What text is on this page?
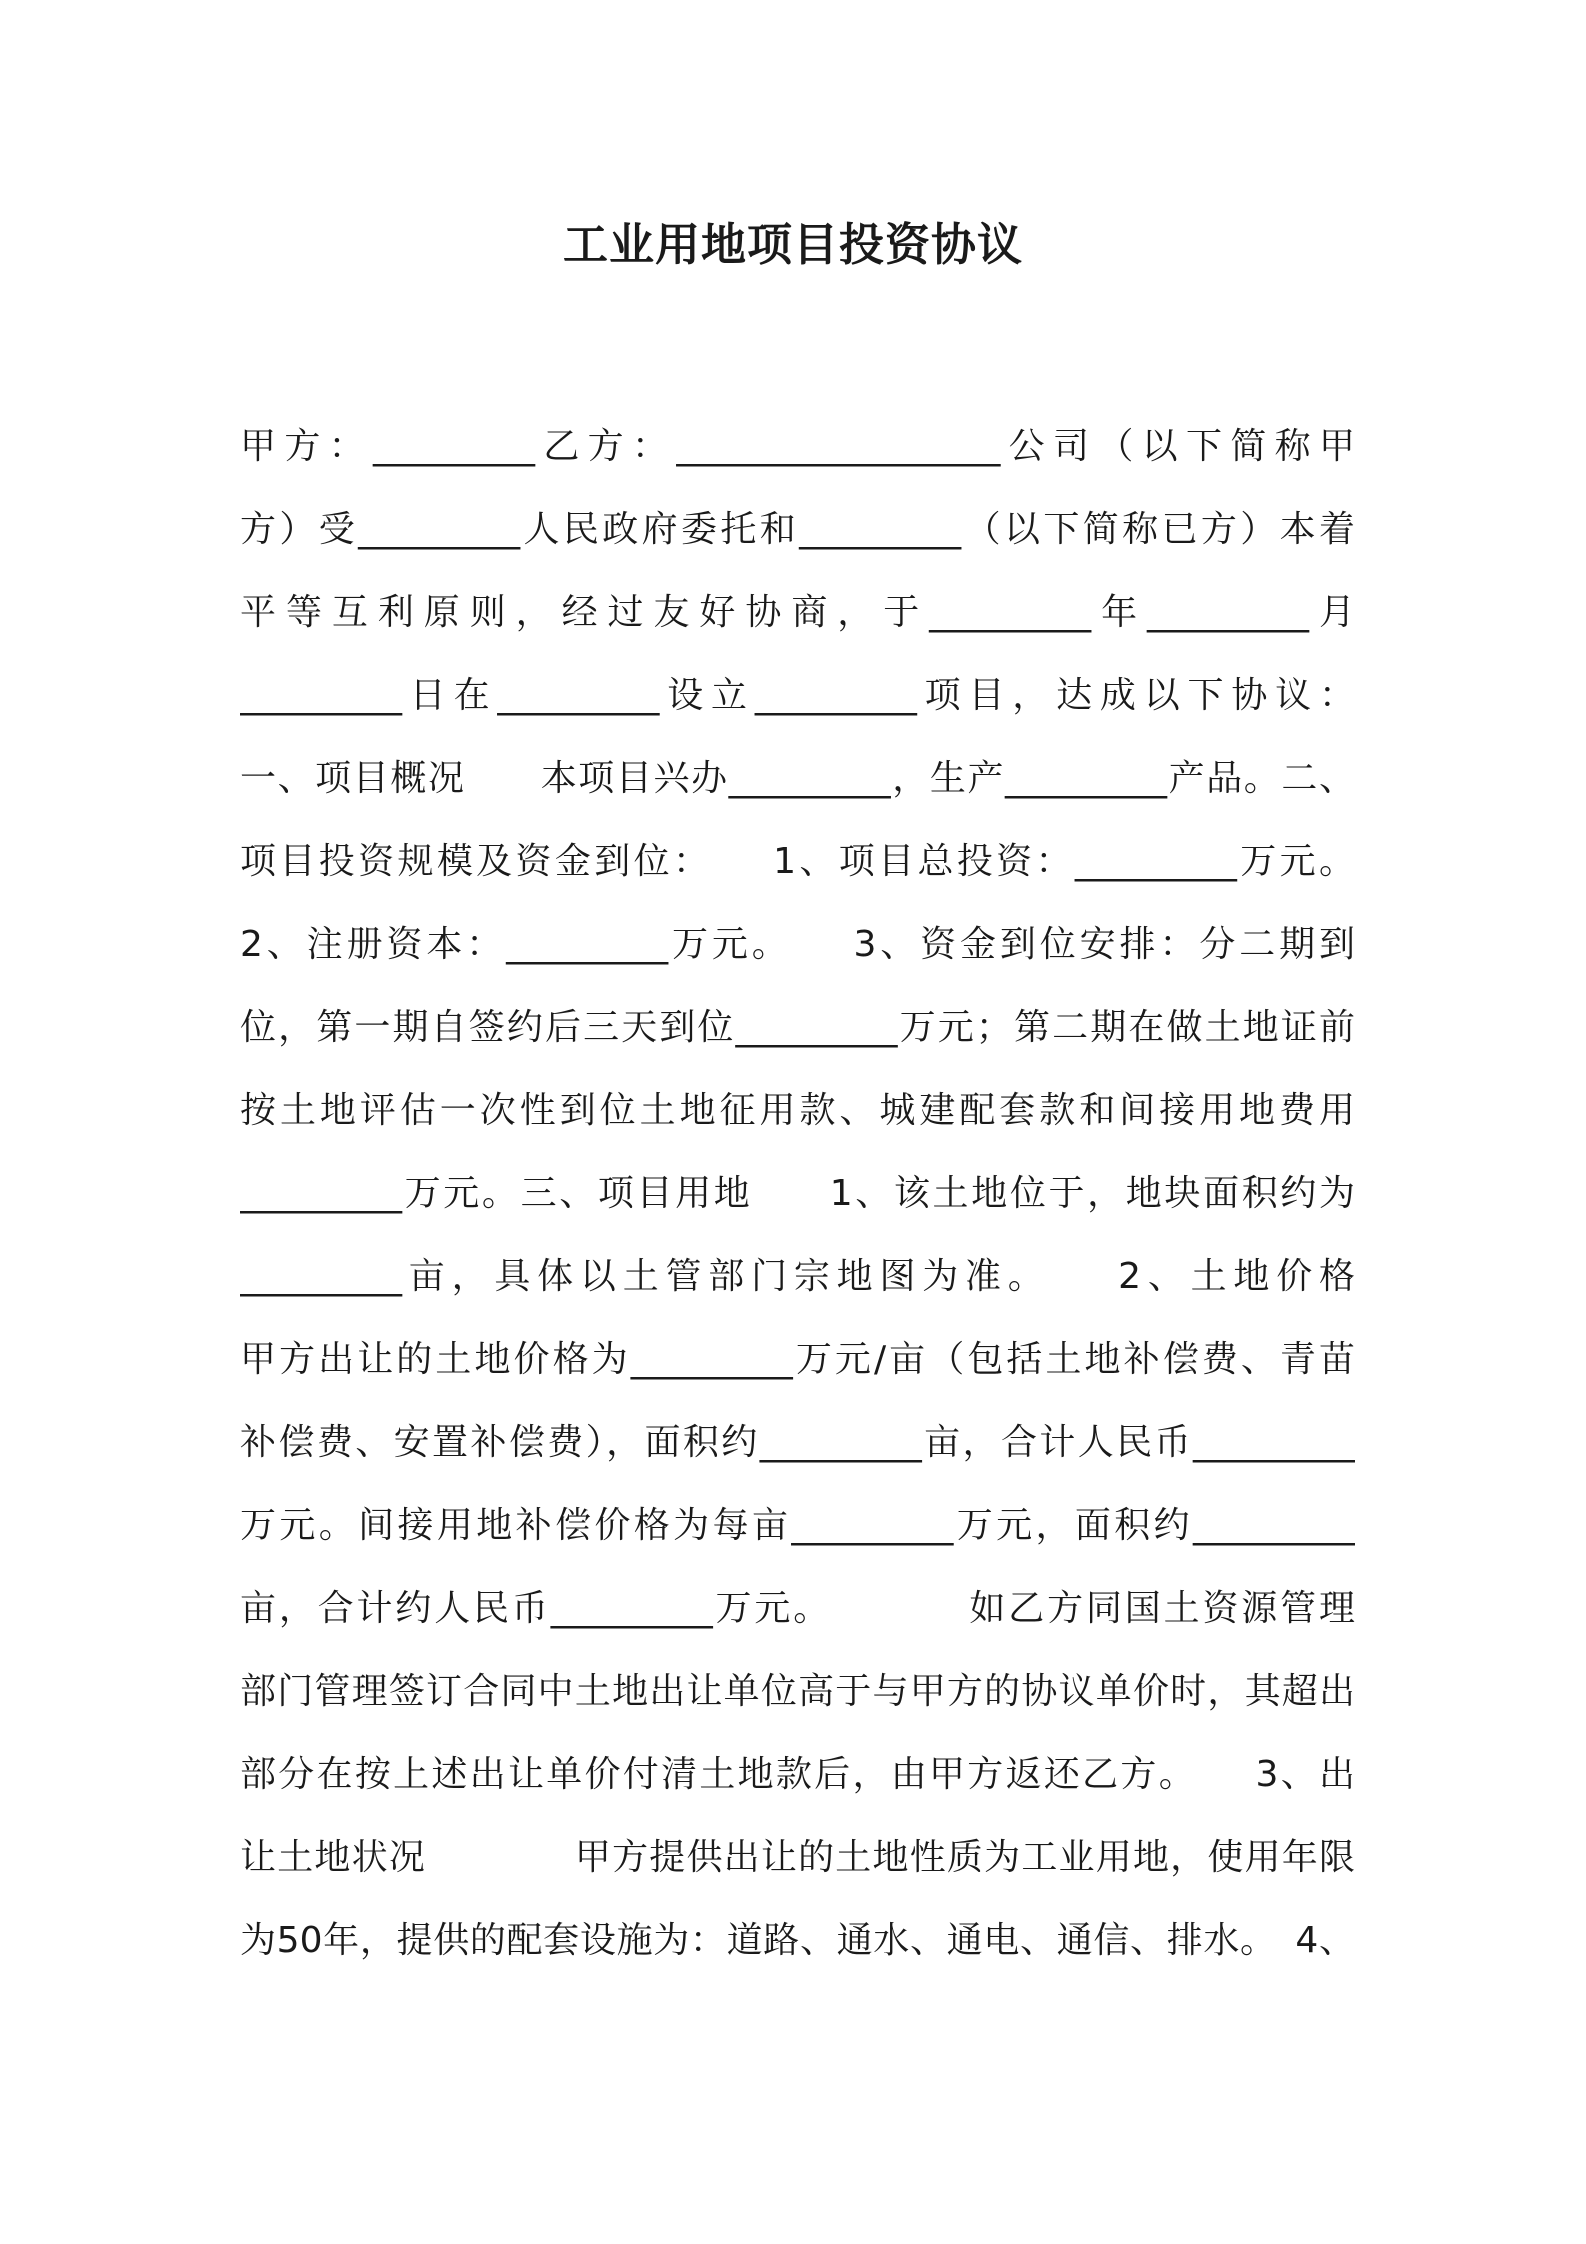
工业用地项目投资协议
甲方：_________乙方：__________________公司（以下简称甲
方）受_________人民政府委托和_________（以下简称已方）本着
平等互利原则，经过友好协商，于_________年_________月
_________日在_________设立_________项目，达成以下协议：
一、项目概况　　本项目兴办_________，生产_________产品。二、
项目投资规模及资金到位：　　1、项目总投资：_________万元。
2、注册资本：_________万元。　　3、资金到位安排：分二期到
位，第一期自签约后三天到位_________万元；第二期在做土地证前
按土地评估一次性到位土地征用款、城建配套款和间接用地费用
_________万元。三、项目用地　　1、该土地位于，地块面积约为
_________亩，具体以土管部门宗地图为准。　　2、土地价格
甲方出让的土地价格为_________万元/亩（包括土地补偿费、青苗
补偿费、安置补偿费），面积约_________亩，合计人民币_________
万元。间接用地补偿价格为每亩_________万元，面积约_________
亩，合计约人民币_________万元。　　　　如乙方同国土资源管理
部门管理签订合同中土地出让单位高于与甲方的协议单价时，其超出
部分在按上述出让单价付清土地款后，由甲方返还乙方。　　3、出
让土地状况　　　　甲方提供出让的土地性质为工业用地，使用年限
为50年，提供的配套设施为：道路、通水、通电、通信、排水。　4、
